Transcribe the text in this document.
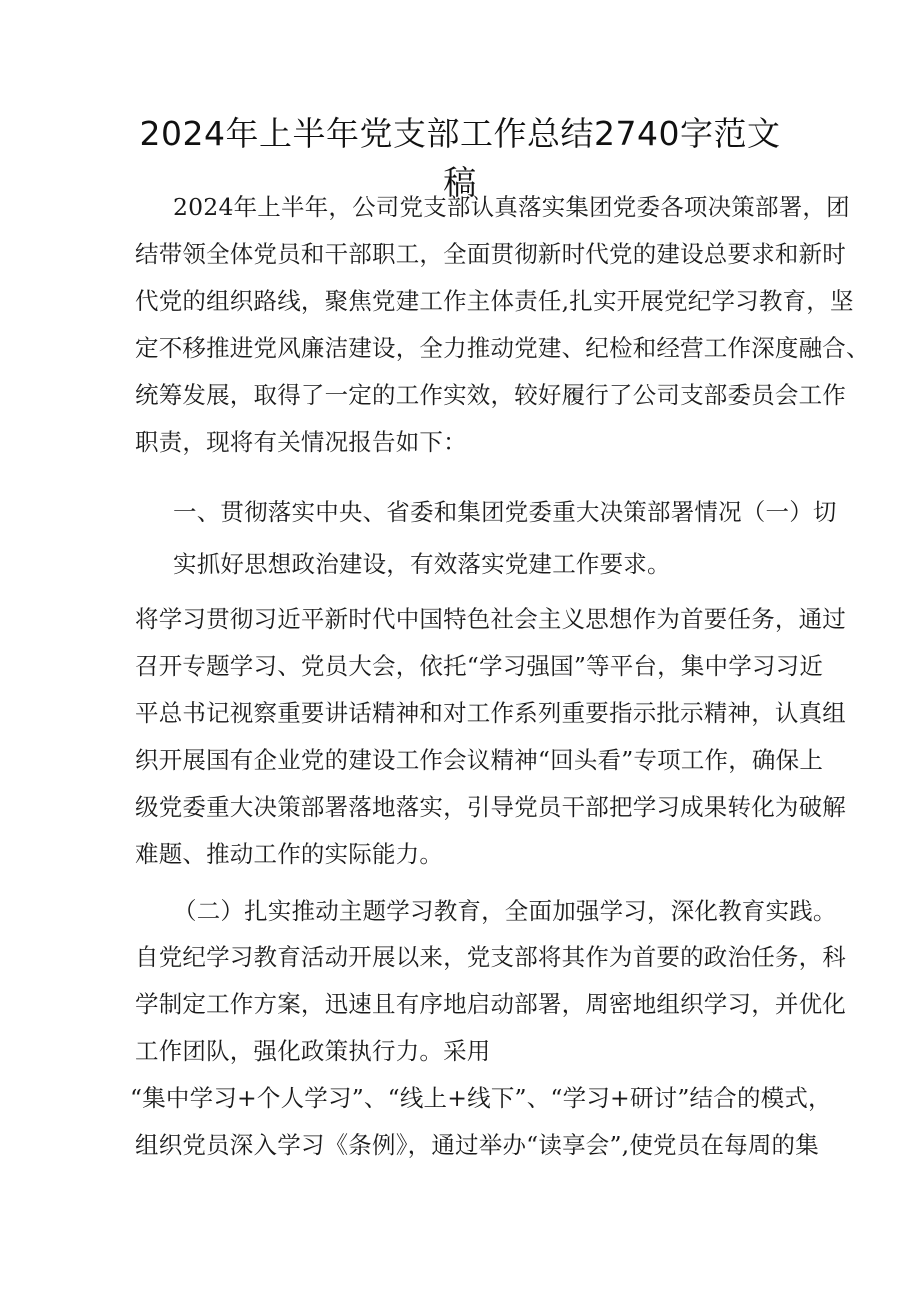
2024年上半年党支部工作总结2740字范文
稿
2024年上半年，公司党支部认真落实集团党委各项决策部署，团
结带领全体党员和干部职工，全面贯彻新时代党的建设总要求和新时
代党的组织路线，聚焦党建工作主体责任,扎实开展党纪学习教育，坚
定不移推进党风廉洁建设，全力推动党建、纪检和经营工作深度融合、
统筹发展，取得了一定的工作实效，较好履行了公司支部委员会工作
职责，现将有关情况报告如下：
一、贯彻落实中央、省委和集团党委重大决策部署情况（一）切
实抓好思想政治建设，有效落实党建工作要求。
将学习贯彻习近平新时代中国特色社会主义思想作为首要任务，通过
召开专题学习、党员大会，依托“学习强国”等平台，集中学习习近
平总书记视察重要讲话精神和对工作系列重要指示批示精神，认真组
织开展国有企业党的建设工作会议精神“回头看”专项工作，确保上
级党委重大决策部署落地落实，引导党员干部把学习成果转化为破解
难题、推动工作的实际能力。
（二）扎实推动主题学习教育，全面加强学习，深化教育实践。
自党纪学习教育活动开展以来，党支部将其作为首要的政治任务，科
学制定工作方案，迅速且有序地启动部署，周密地组织学习，并优化
工作团队，强化政策执行力。采用
“集中学习+个人学习”、“线上+线下”、“学习+研讨”结合的模式，
组织党员深入学习《条例》，通过举办“读享会”,使党员在每周的集
